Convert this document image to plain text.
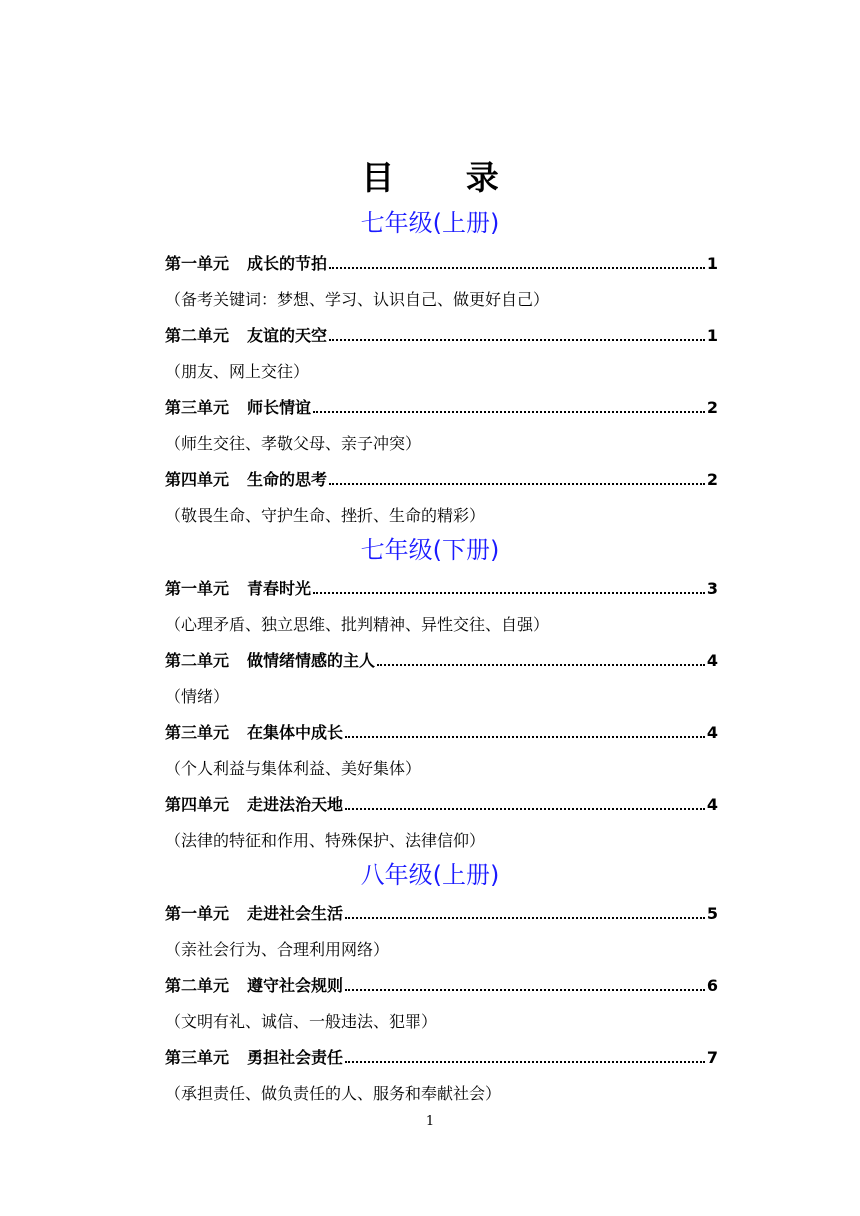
目 录
七年级(上册)
第一单元 成长的节拍	1
（备考关键词：梦想、学习、认识自己、做更好自己）
第二单元 友谊的天空	1
（朋友、网上交往）
第三单元 师长情谊	2
（师生交往、孝敬父母、亲子冲突）
第四单元 生命的思考	2
（敬畏生命、守护生命、挫折、生命的精彩）
七年级(下册)
第一单元 青春时光	3
（心理矛盾、独立思维、批判精神、异性交往、自强）
第二单元 做情绪情感的主人	4
（情绪）
第三单元 在集体中成长	4
（个人利益与集体利益、美好集体）
第四单元 走进法治天地	4
（法律的特征和作用、特殊保护、法律信仰）
八年级(上册)
第一单元 走进社会生活	5
（亲社会行为、合理利用网络）
第二单元 遵守社会规则	6
（文明有礼、诚信、一般违法、犯罪）
第三单元 勇担社会责任	7
（承担责任、做负责任的人、服务和奉献社会）
1
